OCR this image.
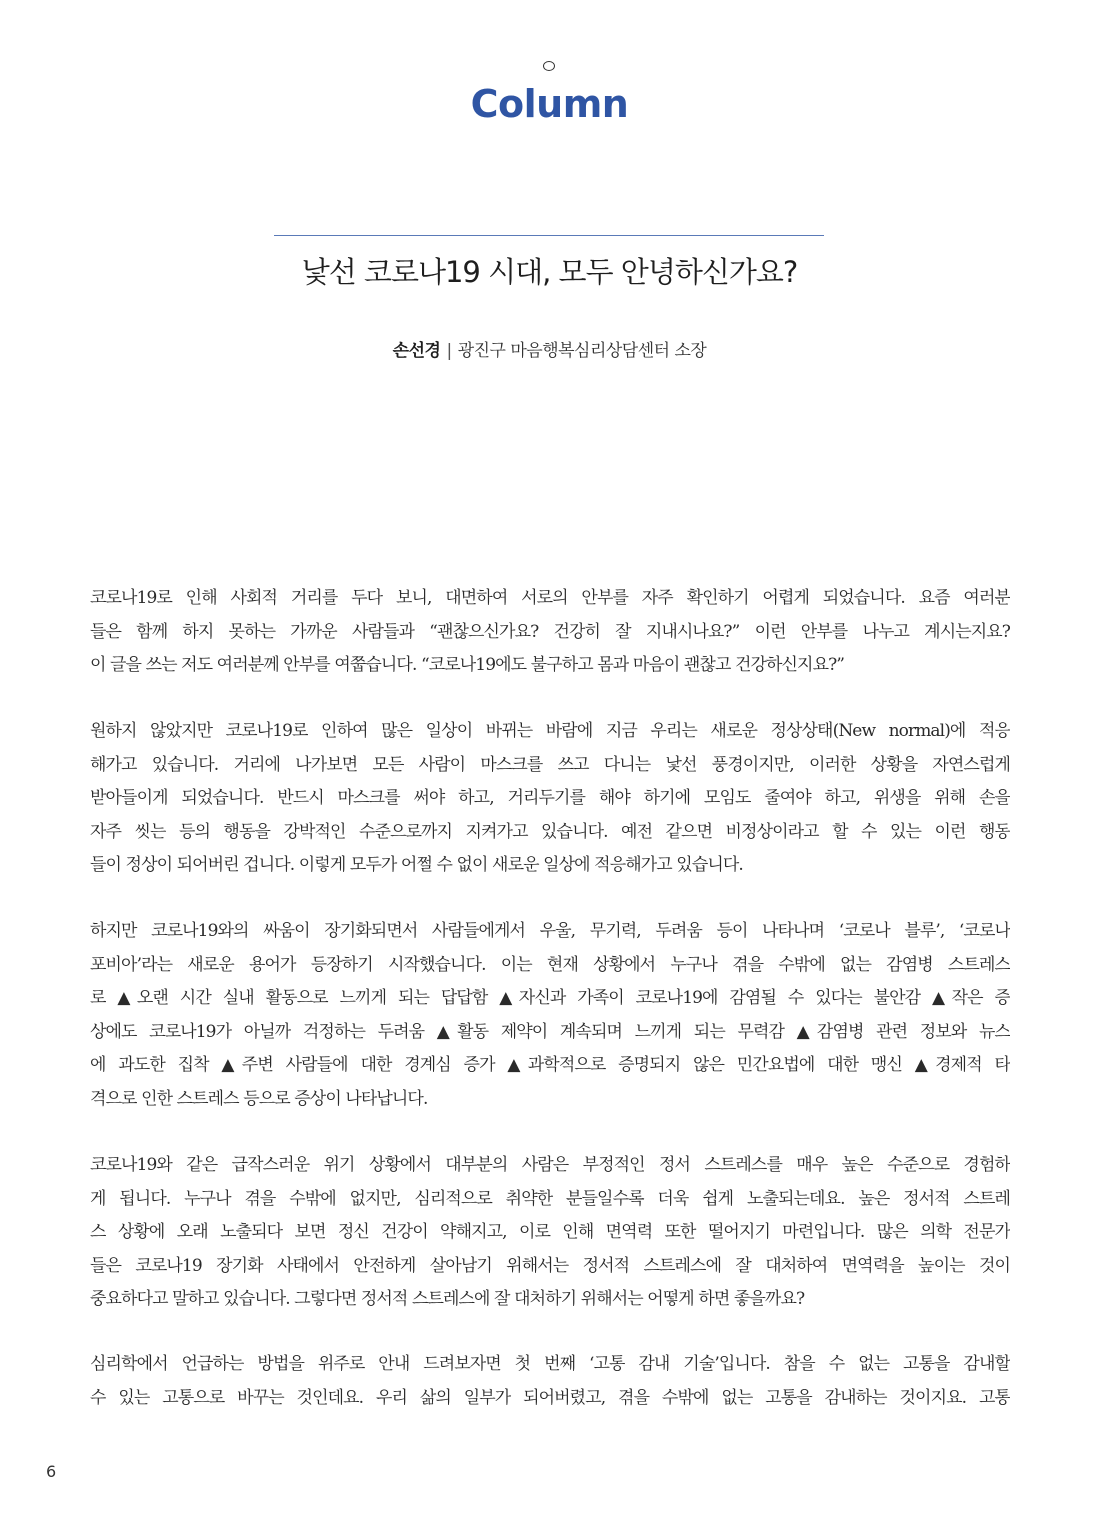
Column
낯선 코로나19 시대, 모두 안녕하신가요?
손선경 | 광진구 마음행복심리상담센터 소장
코로나19로 인해 사회적 거리를 두다 보니, 대면하여 서로의 안부를 자주 확인하기 어렵게 되었습니다. 요즘 여러분
들은 함께 하지 못하는 가까운 사람들과 “괜찮으신가요? 건강히 잘 지내시나요?” 이런 안부를 나누고 계시는지요?
이 글을 쓰는 저도 여러분께 안부를 여쭙습니다. “코로나19에도 불구하고 몸과 마음이 괜찮고 건강하신지요?”
원하지 않았지만 코로나19로 인하여 많은 일상이 바뀌는 바람에 지금 우리는 새로운 정상상태(New normal)에 적응
해가고 있습니다. 거리에 나가보면 모든 사람이 마스크를 쓰고 다니는 낯선 풍경이지만, 이러한 상황을 자연스럽게
받아들이게 되었습니다. 반드시 마스크를 써야 하고, 거리두기를 해야 하기에 모임도 줄여야 하고, 위생을 위해 손을
자주 씻는 등의 행동을 강박적인 수준으로까지 지켜가고 있습니다. 예전 같으면 비정상이라고 할 수 있는 이런 행동
들이 정상이 되어버린 겁니다. 이렇게 모두가 어쩔 수 없이 새로운 일상에 적응해가고 있습니다.
하지만 코로나19와의 싸움이 장기화되면서 사람들에게서 우울, 무기력, 두려움 등이 나타나며 ‘코로나 블루’, ‘코로나
포비아’라는 새로운 용어가 등장하기 시작했습니다. 이는 현재 상황에서 누구나 겪을 수밖에 없는 감염병 스트레스
로 ▲오랜 시간 실내 활동으로 느끼게 되는 답답함 ▲자신과 가족이 코로나19에 감염될 수 있다는 불안감 ▲작은 증
상에도 코로나19가 아닐까 걱정하는 두려움 ▲활동 제약이 계속되며 느끼게 되는 무력감 ▲감염병 관련 정보와 뉴스
에 과도한 집착 ▲주변 사람들에 대한 경계심 증가 ▲과학적으로 증명되지 않은 민간요법에 대한 맹신 ▲경제적 타
격으로 인한 스트레스 등으로 증상이 나타납니다.
코로나19와 같은 급작스러운 위기 상황에서 대부분의 사람은 부정적인 정서 스트레스를 매우 높은 수준으로 경험하
게 됩니다. 누구나 겪을 수밖에 없지만, 심리적으로 취약한 분들일수록 더욱 쉽게 노출되는데요. 높은 정서적 스트레
스 상황에 오래 노출되다 보면 정신 건강이 약해지고, 이로 인해 면역력 또한 떨어지기 마련입니다. 많은 의학 전문가
들은 코로나19 장기화 사태에서 안전하게 살아남기 위해서는 정서적 스트레스에 잘 대처하여 면역력을 높이는 것이
중요하다고 말하고 있습니다. 그렇다면 정서적 스트레스에 잘 대처하기 위해서는 어떻게 하면 좋을까요?
심리학에서 언급하는 방법을 위주로 안내 드려보자면 첫 번째 ‘고통 감내 기술’입니다. 참을 수 없는 고통을 감내할
수 있는 고통으로 바꾸는 것인데요. 우리 삶의 일부가 되어버렸고, 겪을 수밖에 없는 고통을 감내하는 것이지요. 고통
6
